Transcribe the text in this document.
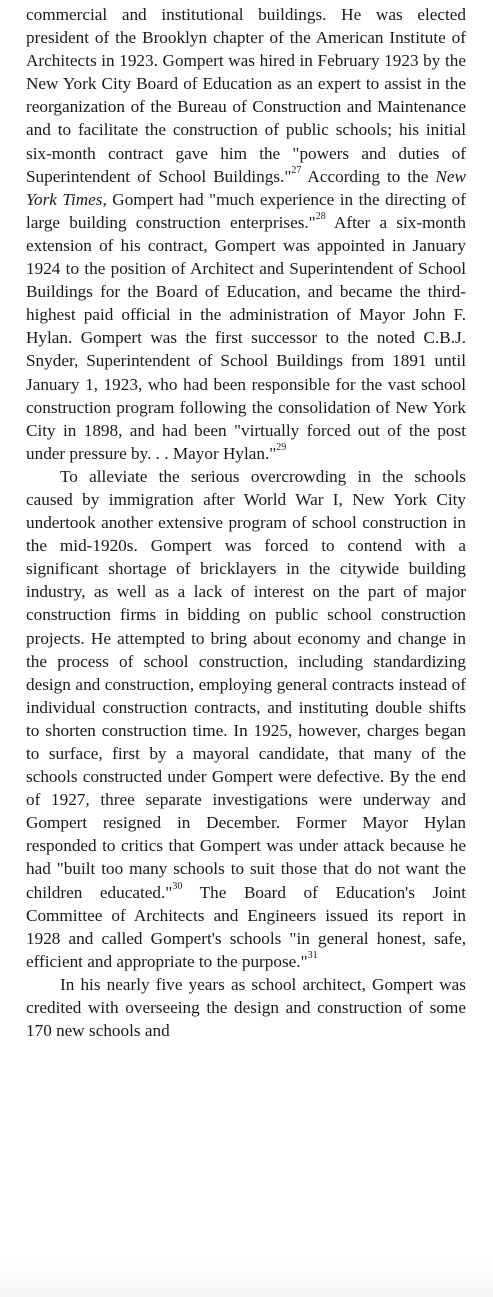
commercial and institutional buildings. He was elected president of the Brooklyn chapter of the American Institute of Architects in 1923. Gompert was hired in February 1923 by the New York City Board of Education as an expert to assist in the reorganization of the Bureau of Construction and Maintenance and to facilitate the construction of public schools; his initial six-month contract gave him the "powers and duties of Superintendent of School Buildings."$^{27}$ According to the New York Times, Gompert had "much experience in the directing of large building construction enterprises."$^{28}$ After a six-month extension of his contract, Gompert was appointed in January 1924 to the position of Architect and Superintendent of School Buildings for the Board of Education, and became the third-highest paid official in the administration of Mayor John F. Hylan. Gompert was the first successor to the noted C.B.J. Snyder, Superintendent of School Buildings from 1891 until January 1, 1923, who had been responsible for the vast school construction program following the consolidation of New York City in 1898, and had been "virtually forced out of the post under pressure by. . . Mayor Hylan."$^{29}$

To alleviate the serious overcrowding in the schools caused by immigration after World War I, New York City undertook another extensive program of school construction in the mid-1920s. Gompert was forced to contend with a significant shortage of bricklayers in the citywide building industry, as well as a lack of interest on the part of major construction firms in bidding on public school construction projects. He attempted to bring about economy and change in the process of school construction, including standardizing design and construction, employing general contracts instead of individual construction contracts, and instituting double shifts to shorten construction time. In 1925, however, charges began to surface, first by a mayoral candidate, that many of the schools constructed under Gompert were defective. By the end of 1927, three separate investigations were underway and Gompert resigned in December. Former Mayor Hylan responded to critics that Gompert was under attack because he had "built too many schools to suit those that do not want the children educated."$^{30}$ The Board of Education's Joint Committee of Architects and Engineers issued its report in 1928 and called Gompert's schools "in general honest, safe, efficient and appropriate to the purpose."$^{31}$

In his nearly five years as school architect, Gompert was credited with overseeing the design and construction of some 170 new schools and
